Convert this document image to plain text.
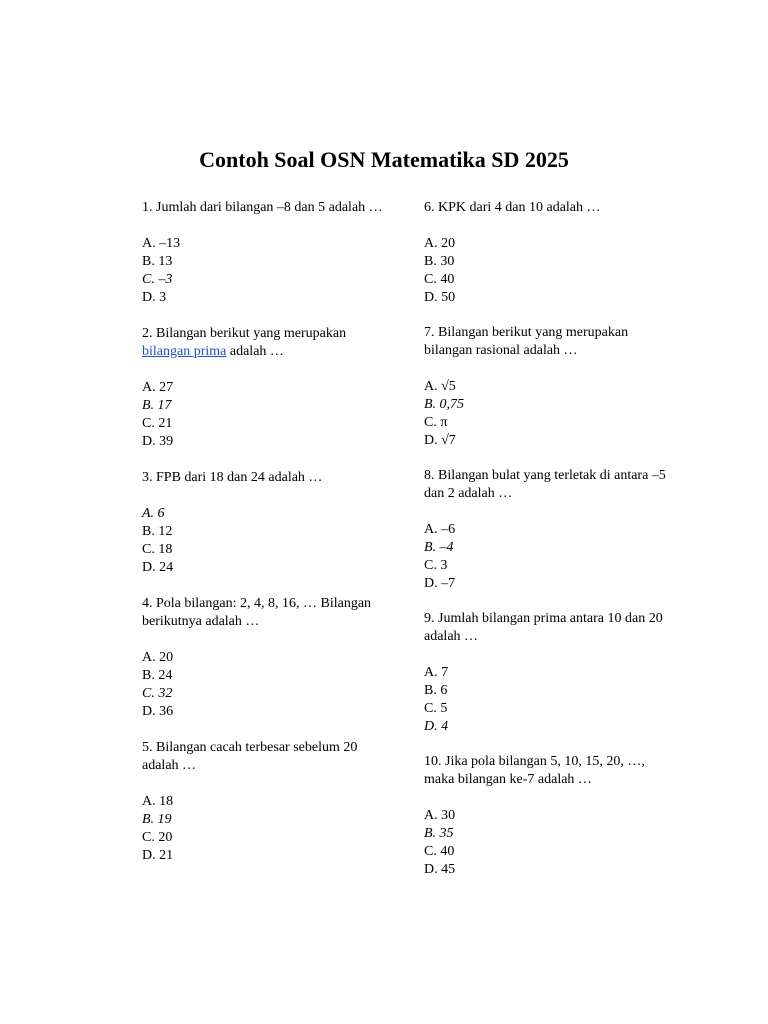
Contoh Soal OSN Matematika SD 2025

1. Jumlah dari bilangan –8 dan 5 adalah …

A. –13
B. 13
C. –3
D. 3

2. Bilangan berikut yang merupakan bilangan prima adalah …

A. 27
B. 17
C. 21
D. 39

3. FPB dari 18 dan 24 adalah …

A. 6
B. 12
C. 18
D. 24

4. Pola bilangan: 2, 4, 8, 16, … Bilangan berikutnya adalah …

A. 20
B. 24
C. 32
D. 36

5. Bilangan cacah terbesar sebelum 20 adalah …

A. 18
B. 19
C. 20
D. 21

6. KPK dari 4 dan 10 adalah …

A. 20
B. 30
C. 40
D. 50

7. Bilangan berikut yang merupakan bilangan rasional adalah …

A. √5
B. 0,75
C. π
D. √7

8. Bilangan bulat yang terletak di antara –5 dan 2 adalah …

A. –6
B. –4
C. 3
D. –7

9. Jumlah bilangan prima antara 10 dan 20 adalah …

A. 7
B. 6
C. 5
D. 4

10. Jika pola bilangan 5, 10, 15, 20, …, maka bilangan ke-7 adalah …

A. 30
B. 35
C. 40
D. 45
